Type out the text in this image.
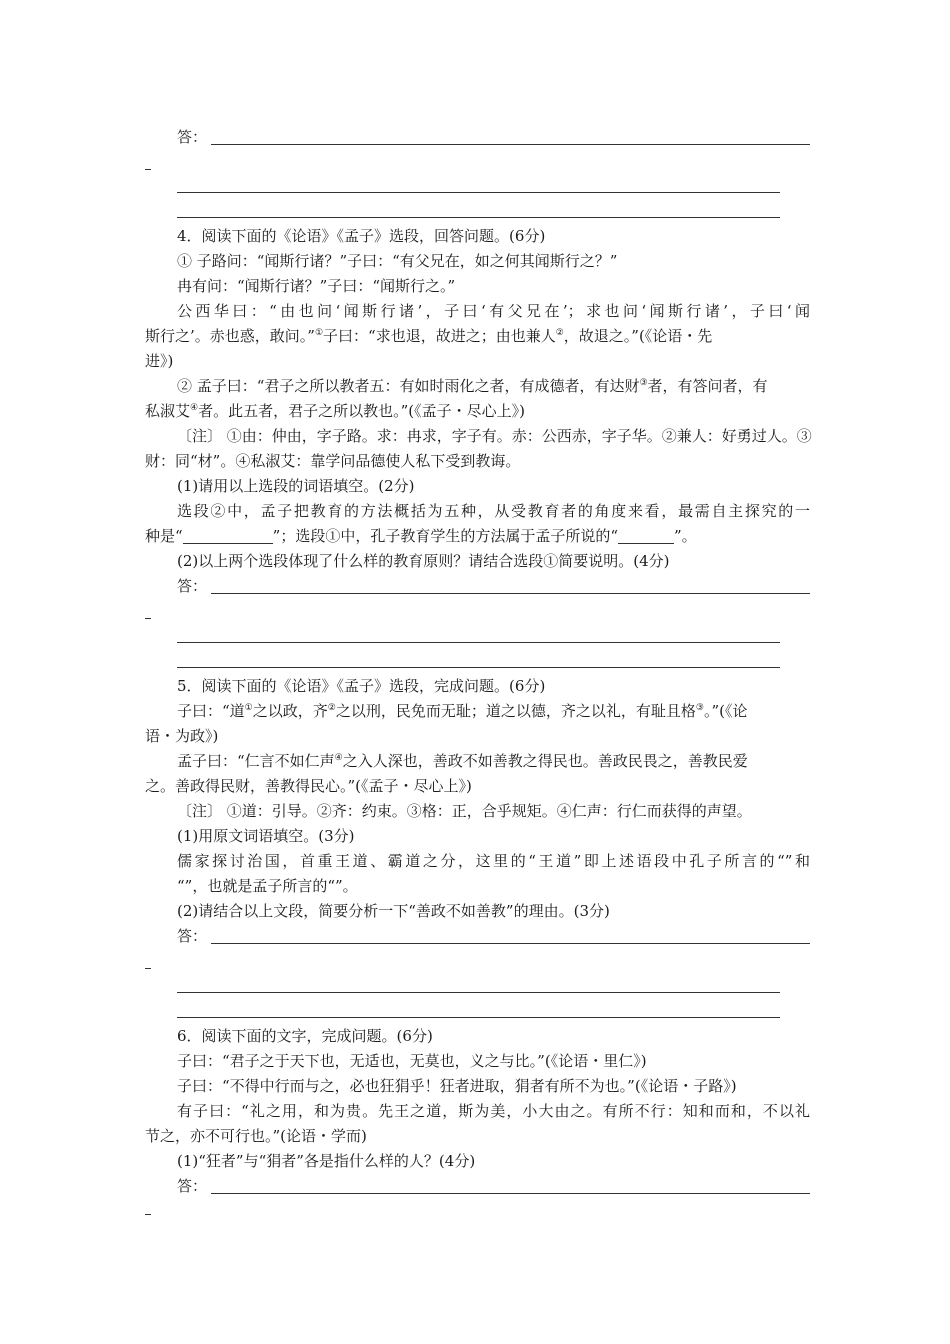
答：
4．阅读下面的《论语》《孟子》选段，回答问题。(6分)
① 子路问：“闻斯行诸？”子曰：“有父兄在，如之何其闻斯行之？”
冉有问：“闻斯行诸？”子曰：“闻斯行之。”
公西华曰：“由也问‘闻斯行诸’，子曰‘有父兄在’；求也问‘闻斯行诸’，子曰‘闻
斯行之’。赤也惑，敢问。”①子曰：“求也退，故进之；由也兼人②，故退之。”(《论语・先
进》)
② 孟子曰：“君子之所以教者五：有如时雨化之者，有成德者，有达财③者，有答问者，有
私淑艾④者。此五者，君子之所以教也。”(《孟子・尽心上》)
〔注〕 ①由：仲由，字子路。求：冉求，字子有。赤：公西赤，字子华。②兼人：好勇过人。③
财：同“材”。④私淑艾：靠学问品德使人私下受到教诲。
(1)请用以上选段的词语填空。(2分)
选段②中，孟子把教育的方法概括为五种，从受教育者的角度来看，最需自主探究的一
种是“	”；选段①中，孔子教育学生的方法属于孟子所说的“	”。
(2)以上两个选段体现了什么样的教育原则？请结合选段①简要说明。(4分)
答：
5．阅读下面的《论语》《孟子》选段，完成问题。(6分)
子曰：“道①之以政，齐②之以刑，民免而无耻；道之以德，齐之以礼，有耻且格③。”(《论
语・为政》)
孟子曰：“仁言不如仁声④之入人深也，善政不如善教之得民也。善政民畏之，善教民爱
之。善政得民财，善教得民心。”(《孟子・尽心上》)
〔注〕 ①道：引导。②齐：约束。③格：正，合乎规矩。④仁声：行仁而获得的声望。
(1)用原文词语填空。(3分)
儒家探讨治国，首重王道、霸道之分，这里的“王道”即上述语段中孔子所言的“”和
“”，也就是孟子所言的“”。
(2)请结合以上文段，简要分析一下“善政不如善教”的理由。(3分)
答：
6．阅读下面的文字，完成问题。(6分)
子曰：“君子之于天下也，无适也，无莫也，义之与比。”(《论语・里仁》)
子曰：“不得中行而与之，必也狂狷乎！狂者进取，狷者有所不为也。”(《论语・子路》)
有子曰：“礼之用，和为贵。先王之道，斯为美，小大由之。有所不行：知和而和，不以礼
节之，亦不可行也。”(论语・学而)
(1)“狂者”与“狷者”各是指什么样的人？(4分)
答：
